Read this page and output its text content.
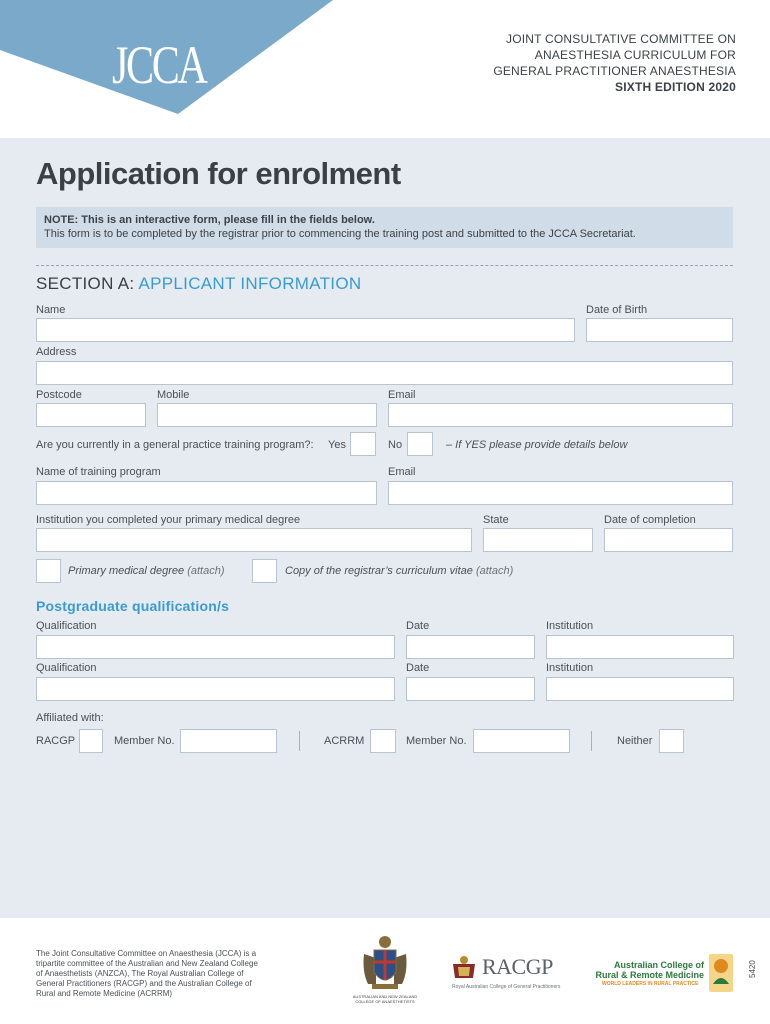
JCCA	JOINT CONSULTATIVE COMMITTEE ON
ANAESTHESIA CURRICULUM FOR
GENERAL PRACTITIONER ANAESTHESIA
SIXTH EDITION 2020
Application for enrolment
NOTE: This is an interactive form, please fill in the fields below.
This form is to be completed by the registrar prior to commencing the training post and submitted to the JCCA Secretariat.
SECTION A: APPLICANT INFORMATION
Name	Date of Birth
Address
Postcode	Mobile	Email
Are you currently in a general practice training program?: Yes	No	– If YES please provide details below
Name of training program	Email
Institution you completed your primary medical degree	State	Date of completion
Primary medical degree (attach)	Copy of the registrar’s curriculum vitae (attach)
Postgraduate qualification/s
Qualification	Date	Institution
Qualification	Date	Institution
Affiliated with:
RACGP	Member No.	ACRRM	Member No.	Neither
The Joint Consultative Committee on Anaesthesia (JCCA) is a tripartite committee of the Australian and New Zealand College of Anaesthetists (ANZCA), The Royal Australian College of General Practitioners (RACGP) and the Australian College of Rural and Remote Medicine (ACRRM)	AUSTRALIAN AND NEW ZEALAND
COLLEGE OF ANAESTHETISTS
RACGP
Royal Australian College of General Practitioners
Australian College of
Rural & Remote Medicine
WORLD LEADERS IN RURAL PRACTICE
5420
